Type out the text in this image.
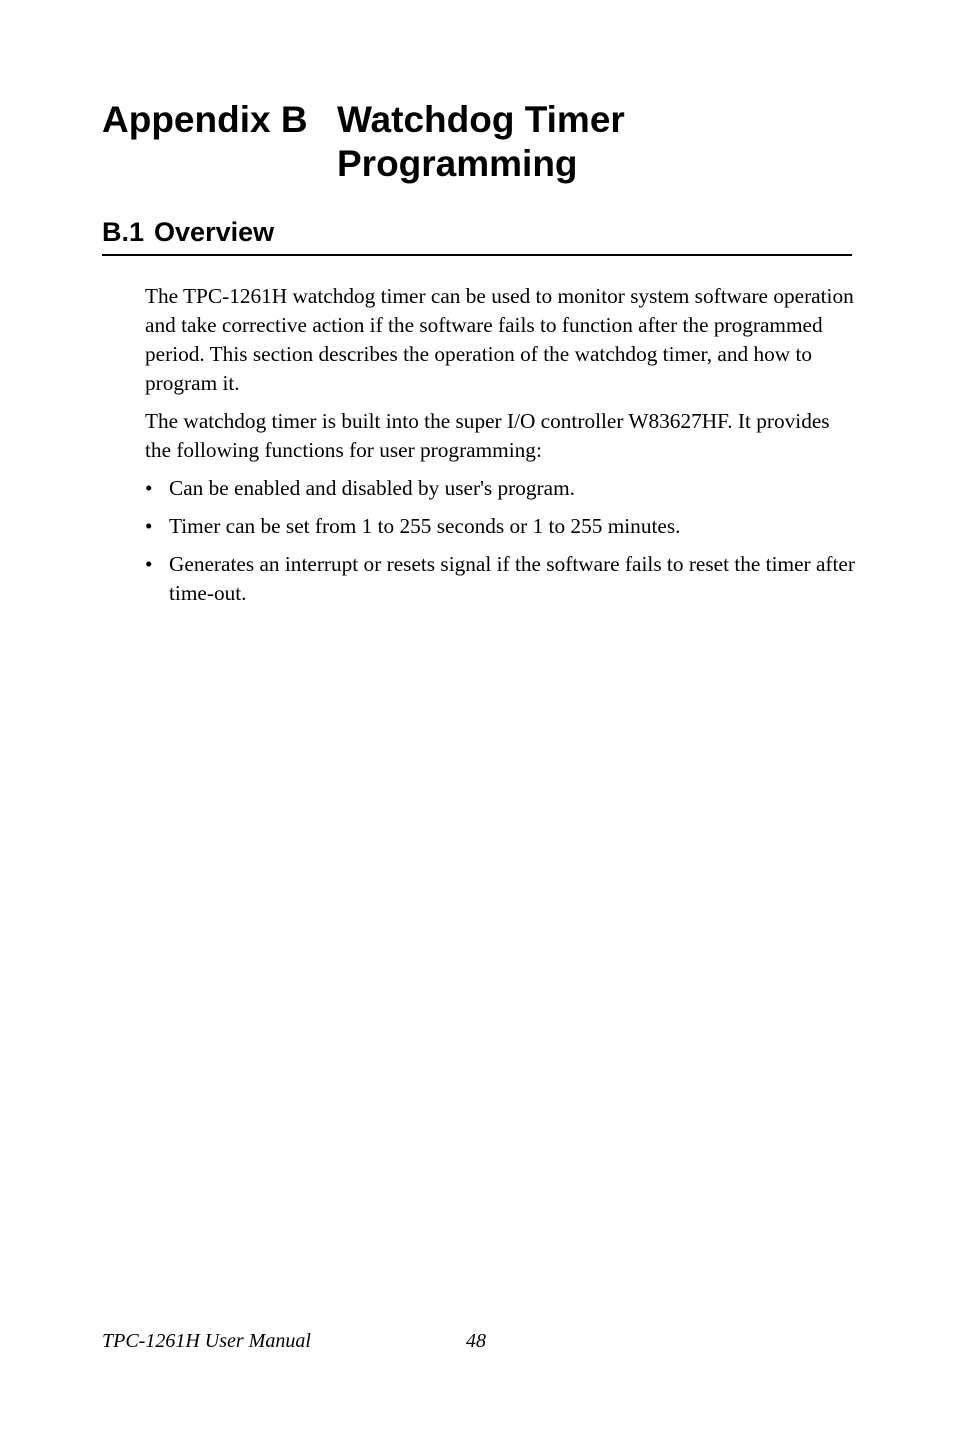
Appendix B Watchdog Timer Programming
B.1 Overview

The TPC-1261H watchdog timer can be used to monitor system software operation and take corrective action if the software fails to function after the programmed period. This section describes the operation of the watchdog timer, and how to program it.

The watchdog timer is built into the super I/O controller W83627HF. It provides the following functions for user programming:

• Can be enabled and disabled by user's program.
• Timer can be set from 1 to 255 seconds or 1 to 255 minutes.
• Generates an interrupt or resets signal if the software fails to reset the timer after time-out.
TPC-1261H User Manual	48
